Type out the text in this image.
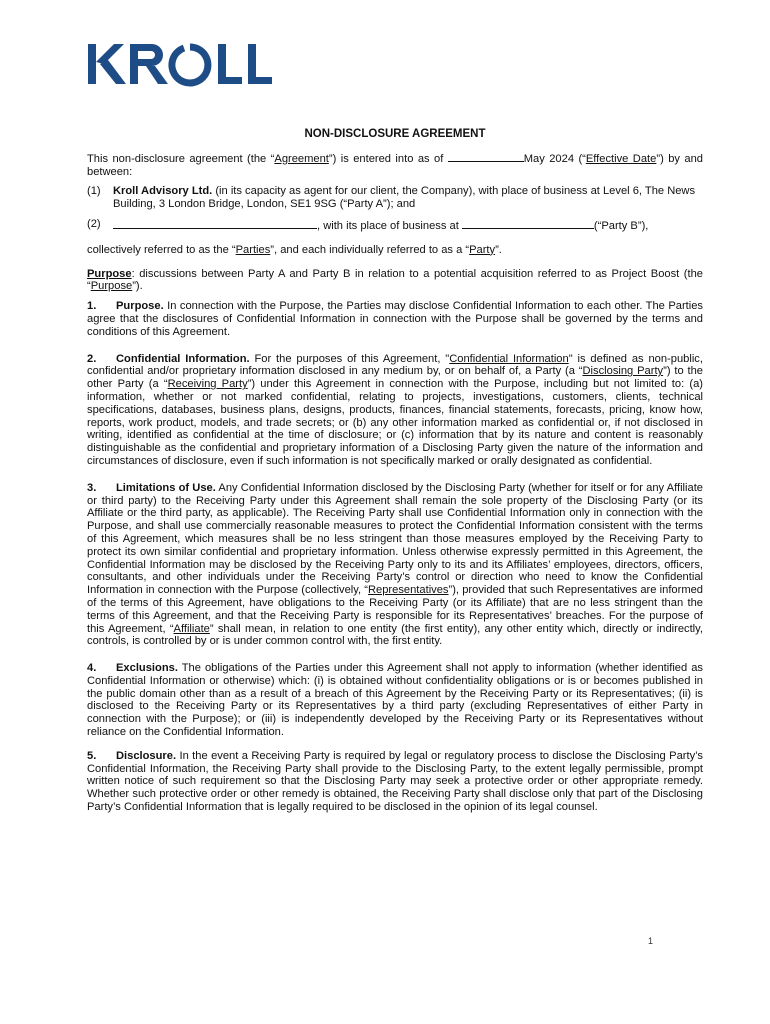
NON-DISCLOSURE AGREEMENT

This non-disclosure agreement (the “Agreement”) is entered into as of	May 2024 (“Effective Date”) by and between:

(1)	Kroll Advisory Ltd. (in its capacity as agent for our client, the Company), with place of business at Level 6, The News Building, 3 London Bridge, London, SE1 9SG (“Party A”); and
(2)	, with its place of business at	(“Party B”),

collectively referred to as the “Parties”, and each individually referred to as a “Party”.

Purpose: discussions between Party A and Party B in relation to a potential acquisition referred to as Project Boost (the “Purpose”).

1. Purpose. In connection with the Purpose, the Parties may disclose Confidential Information to each other. The Parties agree that the disclosures of Confidential Information in connection with the Purpose shall be governed by the terms and conditions of this Agreement.

2. Confidential Information. For the purposes of this Agreement, "Confidential Information" is defined as non-public, confidential and/or proprietary information disclosed in any medium by, or on behalf of, a Party (a “Disclosing Party”) to the other Party (a “Receiving Party”) under this Agreement in connection with the Purpose, including but not limited to: (a) information, whether or not marked confidential, relating to projects, investigations, customers, clients, technical specifications, databases, business plans, designs, products, finances, financial statements, forecasts, pricing, know how, reports, work product, models, and trade secrets; or (b) any other information marked as confidential or, if not disclosed in writing, identified as confidential at the time of disclosure; or (c) information that by its nature and content is reasonably distinguishable as the confidential and proprietary information of a Disclosing Party given the nature of the information and circumstances of disclosure, even if such information is not specifically marked or orally designated as confidential.

3. Limitations of Use. Any Confidential Information disclosed by the Disclosing Party (whether for itself or for any Affiliate or third party) to the Receiving Party under this Agreement shall remain the sole property of the Disclosing Party (or its Affiliate or the third party, as applicable). The Receiving Party shall use Confidential Information only in connection with the Purpose, and shall use commercially reasonable measures to protect the Confidential Information consistent with the terms of this Agreement, which measures shall be no less stringent than those measures employed by the Receiving Party to protect its own similar confidential and proprietary information. Unless otherwise expressly permitted in this Agreement, the Confidential Information may be disclosed by the Receiving Party only to its and its Affiliates’ employees, directors, officers, consultants, and other individuals under the Receiving Party’s control or direction who need to know the Confidential Information in connection with the Purpose (collectively, “Representatives”), provided that such Representatives are informed of the terms of this Agreement, have obligations to the Receiving Party (or its Affiliate) that are no less stringent than the terms of this Agreement, and that the Receiving Party is responsible for its Representatives’ breaches. For the purpose of this Agreement, “Affiliate” shall mean, in relation to one entity (the first entity), any other entity which, directly or indirectly, controls, is controlled by or is under common control with, the first entity.

4. Exclusions. The obligations of the Parties under this Agreement shall not apply to information (whether identified as Confidential Information or otherwise) which: (i) is obtained without confidentiality obligations or is or becomes published in the public domain other than as a result of a breach of this Agreement by the Receiving Party or its Representatives; (ii) is disclosed to the Receiving Party or its Representatives by a third party (excluding Representatives of either Party in connection with the Purpose); or (iii) is independently developed by the Receiving Party or its Representatives without reliance on the Confidential Information.

5. Disclosure. In the event a Receiving Party is required by legal or regulatory process to disclose the Disclosing Party’s Confidential Information, the Receiving Party shall provide to the Disclosing Party, to the extent legally permissible, prompt written notice of such requirement so that the Disclosing Party may seek a protective order or other appropriate remedy. Whether such protective order or other remedy is obtained, the Receiving Party shall disclose only that part of the Disclosing Party’s Confidential Information that is legally required to be disclosed in the opinion of its legal counsel.

1
